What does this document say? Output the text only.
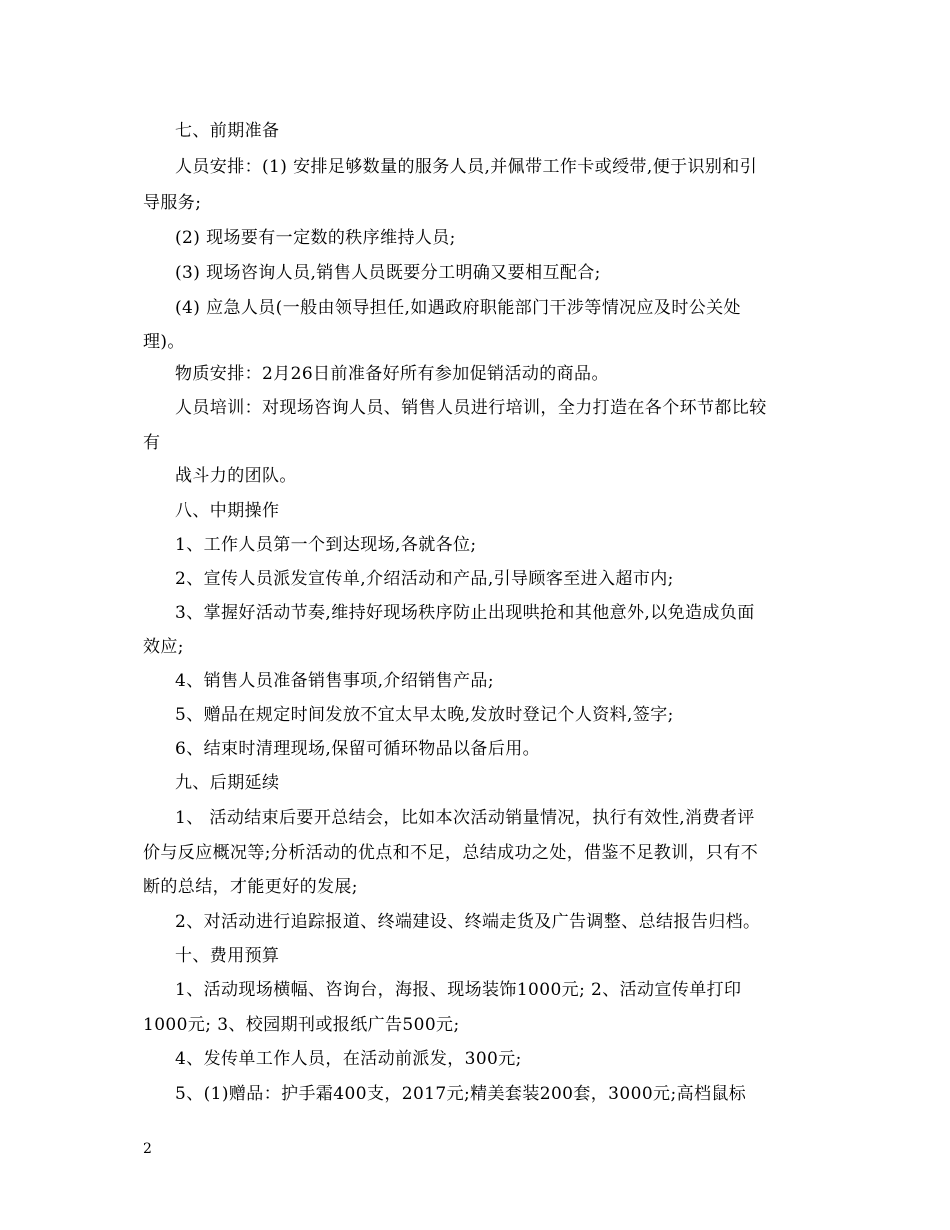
七、前期准备
人员安排：(1) 安排足够数量的服务人员,并佩带工作卡或绶带,便于识别和引
导服务;
(2) 现场要有一定数的秩序维持人员;
(3) 现场咨询人员,销售人员既要分工明确又要相互配合;
(4) 应急人员(一般由领导担任,如遇政府职能部门干涉等情况应及时公关处
理)。
物质安排：2月26日前准备好所有参加促销活动的商品。
人员培训：对现场咨询人员、销售人员进行培训，全力打造在各个环节都比较
有
战斗力的团队。
八、中期操作
1、工作人员第一个到达现场,各就各位;
2、宣传人员派发宣传单,介绍活动和产品,引导顾客至进入超市内;
3、掌握好活动节奏,维持好现场秩序防止出现哄抢和其他意外,以免造成负面
效应;
4、销售人员准备销售事项,介绍销售产品;
5、赠品在规定时间发放不宜太早太晚,发放时登记个人资料,签字;
6、结束时清理现场,保留可循环物品以备后用。
九、后期延续
1、 活动结束后要开总结会，比如本次活动销量情况，执行有效性,消费者评
价与反应概况等;分析活动的优点和不足，总结成功之处，借鉴不足教训，只有不
断的总结，才能更好的发展;
2、对活动进行追踪报道、终端建设、终端走货及广告调整、总结报告归档。
十、费用预算
1、活动现场横幅、咨询台，海报、现场装饰1000元; 2、活动宣传单打印
1000元; 3、校园期刊或报纸广告500元;
4、发传单工作人员，在活动前派发，300元;
5、(1)赠品：护手霜400支，2017元;精美套装200套，3000元;高档鼠标
2
